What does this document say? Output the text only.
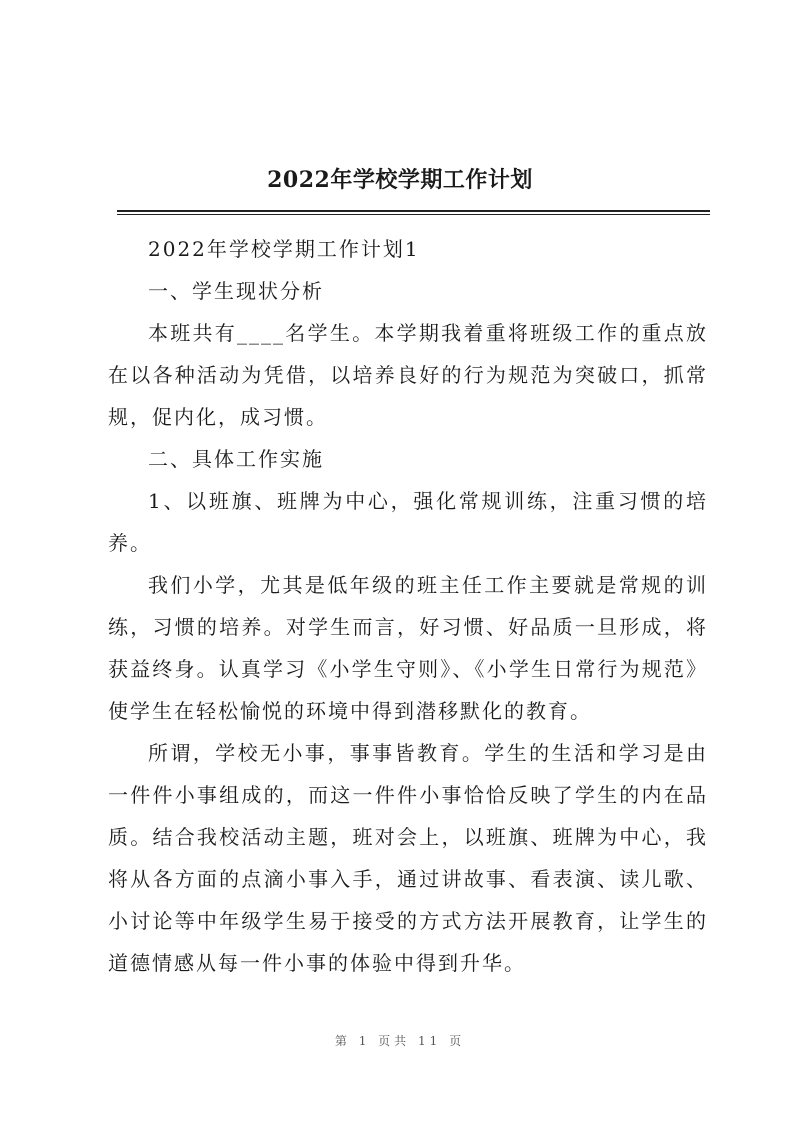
2022年学校学期工作计划

2022年学校学期工作计划1

一、学生现状分析

本班共有____名学生。本学期我着重将班级工作的重点放在以各种活动为凭借，以培养良好的行为规范为突破口，抓常规，促内化，成习惯。

二、具体工作实施

1、以班旗、班牌为中心，强化常规训练，注重习惯的培养。

我们小学，尤其是低年级的班主任工作主要就是常规的训练，习惯的培养。对学生而言，好习惯、好品质一旦形成，将获益终身。认真学习《小学生守则》、《小学生日常行为规范》使学生在轻松愉悦的环境中得到潜移默化的教育。

所谓，学校无小事，事事皆教育。学生的生活和学习是由一件件小事组成的，而这一件件小事恰恰反映了学生的内在品质。结合我校活动主题，班对会上，以班旗、班牌为中心，我将从各方面的点滴小事入手，通过讲故事、看表演、读儿歌、小讨论等中年级学生易于接受的方式方法开展教育，让学生的道德情感从每一件小事的体验中得到升华。

第 1 页共 11 页
